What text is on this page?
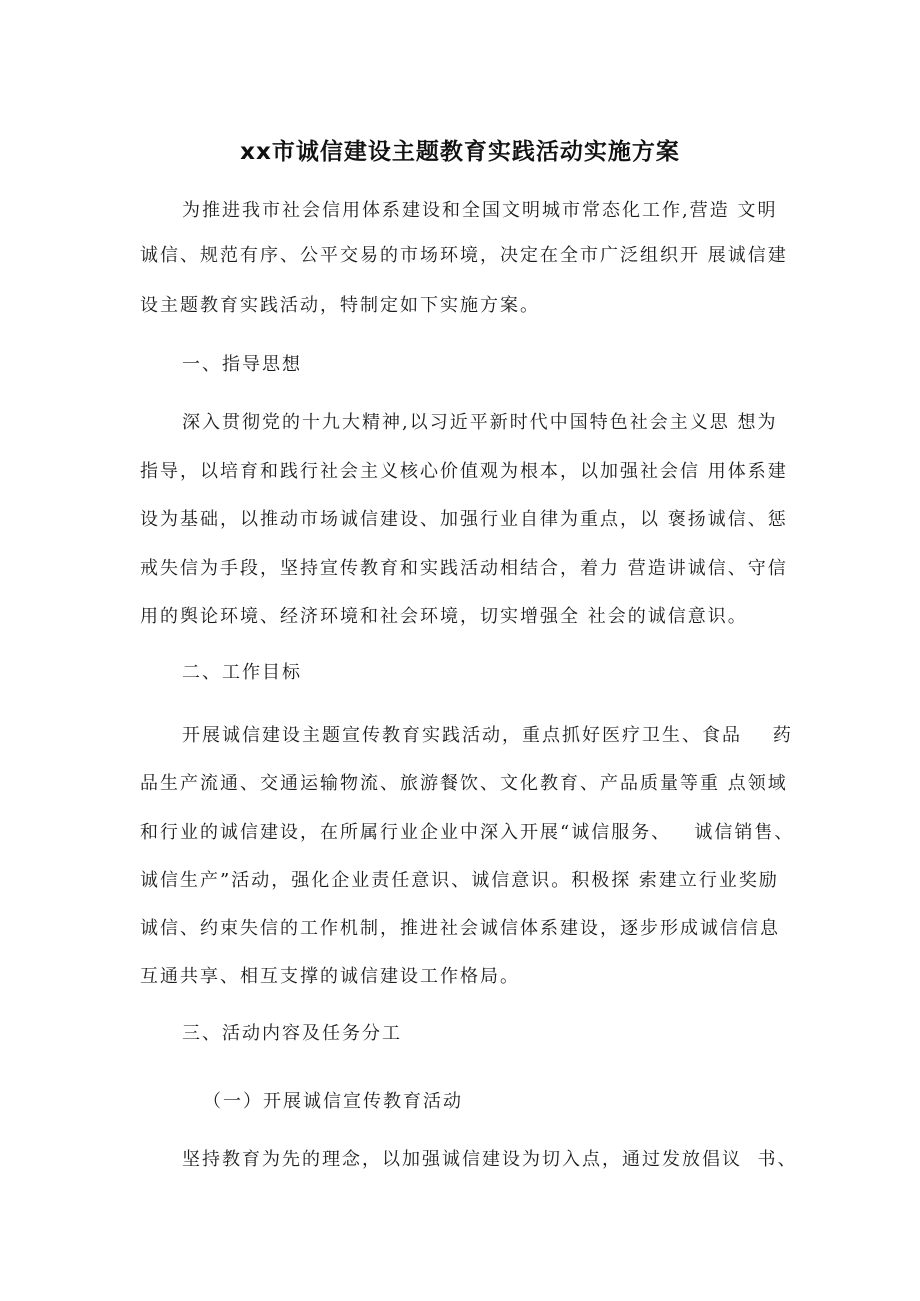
xx市诚信建设主题教育实践活动实施方案

为推进我市社会信用体系建设和全国文明城市常态化工作,营造 文明

诚信、规范有序、公平交易的市场环境，决定在全市广泛组织开 展诚信建

设主题教育实践活动，特制定如下实施方案。

一、指导思想

深入贯彻党的十九大精神,以习近平新时代中国特色社会主义思 想为

指导，以培育和践行社会主义核心价值观为根本，以加强社会信 用体系建

设为基础，以推动市场诚信建设、加强行业自律为重点，以 褒扬诚信、惩

戒失信为手段，坚持宣传教育和实践活动相结合，着力 营造讲诚信、守信

用的舆论环境、经济环境和社会环境，切实增强全 社会的诚信意识。

二、工作目标

开展诚信建设主题宣传教育实践活动，重点抓好医疗卫生、食品    药

品生产流通、交通运输物流、旅游餐饮、文化教育、产品质量等重 点领域

和行业的诚信建设，在所属行业企业中深入开展“诚信服务、   诚信销售、

诚信生产”活动，强化企业责任意识、诚信意识。积极探 索建立行业奖励

诚信、约束失信的工作机制，推进社会诚信体系建设，逐步形成诚信信息

互通共享、相互支撑的诚信建设工作格局。

三、活动内容及任务分工

（一）开展诚信宣传教育活动

坚持教育为先的理念，以加强诚信建设为切入点，通过发放倡议  书、
